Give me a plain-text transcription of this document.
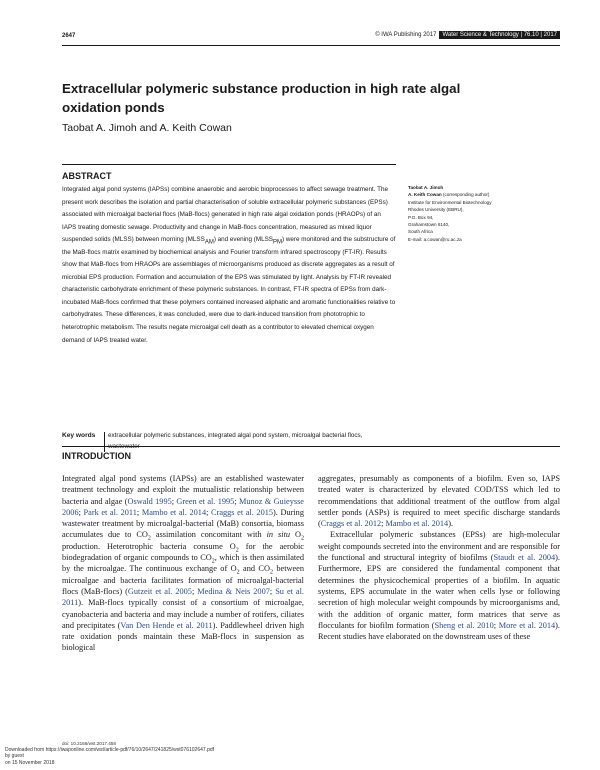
2647	© IWA Publishing 2017	Water Science & Technology | 76.10 | 2017
Extracellular polymeric substance production in high rate algal oxidation ponds
Taobat A. Jimoh and A. Keith Cowan
ABSTRACT
Integrated algal pond systems (IAPSs) combine anaerobic and aerobic bioprocesses to affect sewage treatment. The present work describes the isolation and partial characterisation of soluble extracellular polymeric substances (EPSs) associated with microalgal bacterial flocs (MaB-flocs) generated in high rate algal oxidation ponds (HRAOPs) of an IAPS treating domestic sewage. Productivity and change in MaB-flocs concentration, measured as mixed liquor suspended solids (MLSS) between morning $(MLSS_{AM})$ and evening $(MLSS_{PM})$ were monitored and the substructure of the MaB-flocs matrix examined by biochemical analysis and Fourier transform infrared spectroscopy (FT-IR). Results show that MaB-flocs from HRAOPs are assemblages of microorganisms produced as discrete aggregates as a result of microbial EPS production. Formation and accumulation of the EPS was stimulated by light. Analysis by FT-IR revealed characteristic carbohydrate enrichment of these polymeric substances. In contrast, FT-IR spectra of EPSs from dark-incubated MaB-flocs confirmed that these polymers contained increased aliphatic and aromatic functionalities relative to carbohydrates. These differences, it was concluded, were due to dark-induced transition from phototrophic to heterotrophic metabolism. The results negate microalgal cell death as a contributor to elevated chemical oxygen demand of IAPS treated water.
Key words extracellular polymeric substances, integrated algal pond system, microalgal bacterial flocs,
Taobat A. Jimoh
A. Keith Cowan (corresponding author)
Institute for Environmental Biotechnology
Rhodes University (EBRU),
P.O. Box 94,
Grahamstown 6140,
South Africa
E-mail: a.cowan@ru.ac.za
INTRODUCTION
Integrated algal pond systems (IAPSs) are an established wastewater treatment technology and exploit the mutualistic relationship between bacteria and algae (Oswald 1995; Green et al. 1995; Munoz & Guieysse 2006; Park et al. 2011; Mambo et al. 2014; Craggs et al. 2015). During wastewater treatment by microalgal-bacterial (MaB) consortia, biomass accumulates due to $CO_2$ assimilation concomitant with in situ $O_2$ production. Heterotrophic bacteria consume $O_2$ for the aerobic biodegradation of organic compounds to $CO_2$, which is then assimilated by the microalgae. The continuous exchange of $O_2$ and $CO_2$ between microalgae and bacteria facilitates formation of microalgal-bacterial flocs (MaB-flocs) (Gutzeit et al. 2005; Medina & Neis 2007; Su et al. 2011). MaB-flocs typically consist of a consortium of microalgae, cyanobacteria and bacteria and may include a number of rotifers, ciliates and precipitates (Van Den Hende et al. 2011). Paddlewheel driven high rate oxidation ponds maintain these MaB-flocs in suspension as biological
aggregates, presumably as components of a biofilm. Even so, IAPS treated water is characterized by elevated COD/TSS which led to recommendations that additional treatment of the outflow from algal settler ponds (ASPs) is required to meet specific discharge standards (Craggs et al. 2012; Mambo et al. 2014).
Extracellular polymeric substances (EPSs) are high-molecular weight compounds secreted into the environment and are responsible for the functional and structural integrity of biofilms (Staudt et al. 2004). Furthermore, EPS are considered the fundamental component that determines the physicochemical properties of a biofilm. In aquatic systems, EPS accumulate in the water when cells lyse or following secretion of high molecular weight compounds by microorganisms and, with the addition of organic matter, form matrices that serve as flocculants for biofilm formation (Sheng et al. 2010; More et al. 2014). Recent studies have elaborated on the downstream uses of these
doi: 10.2166/wst.2017.458
Downloaded from https://iwaponline.com/wst/article-pdf/76/10/2647/241825/wst076102647.pdf
by guest
on 15 November 2018
